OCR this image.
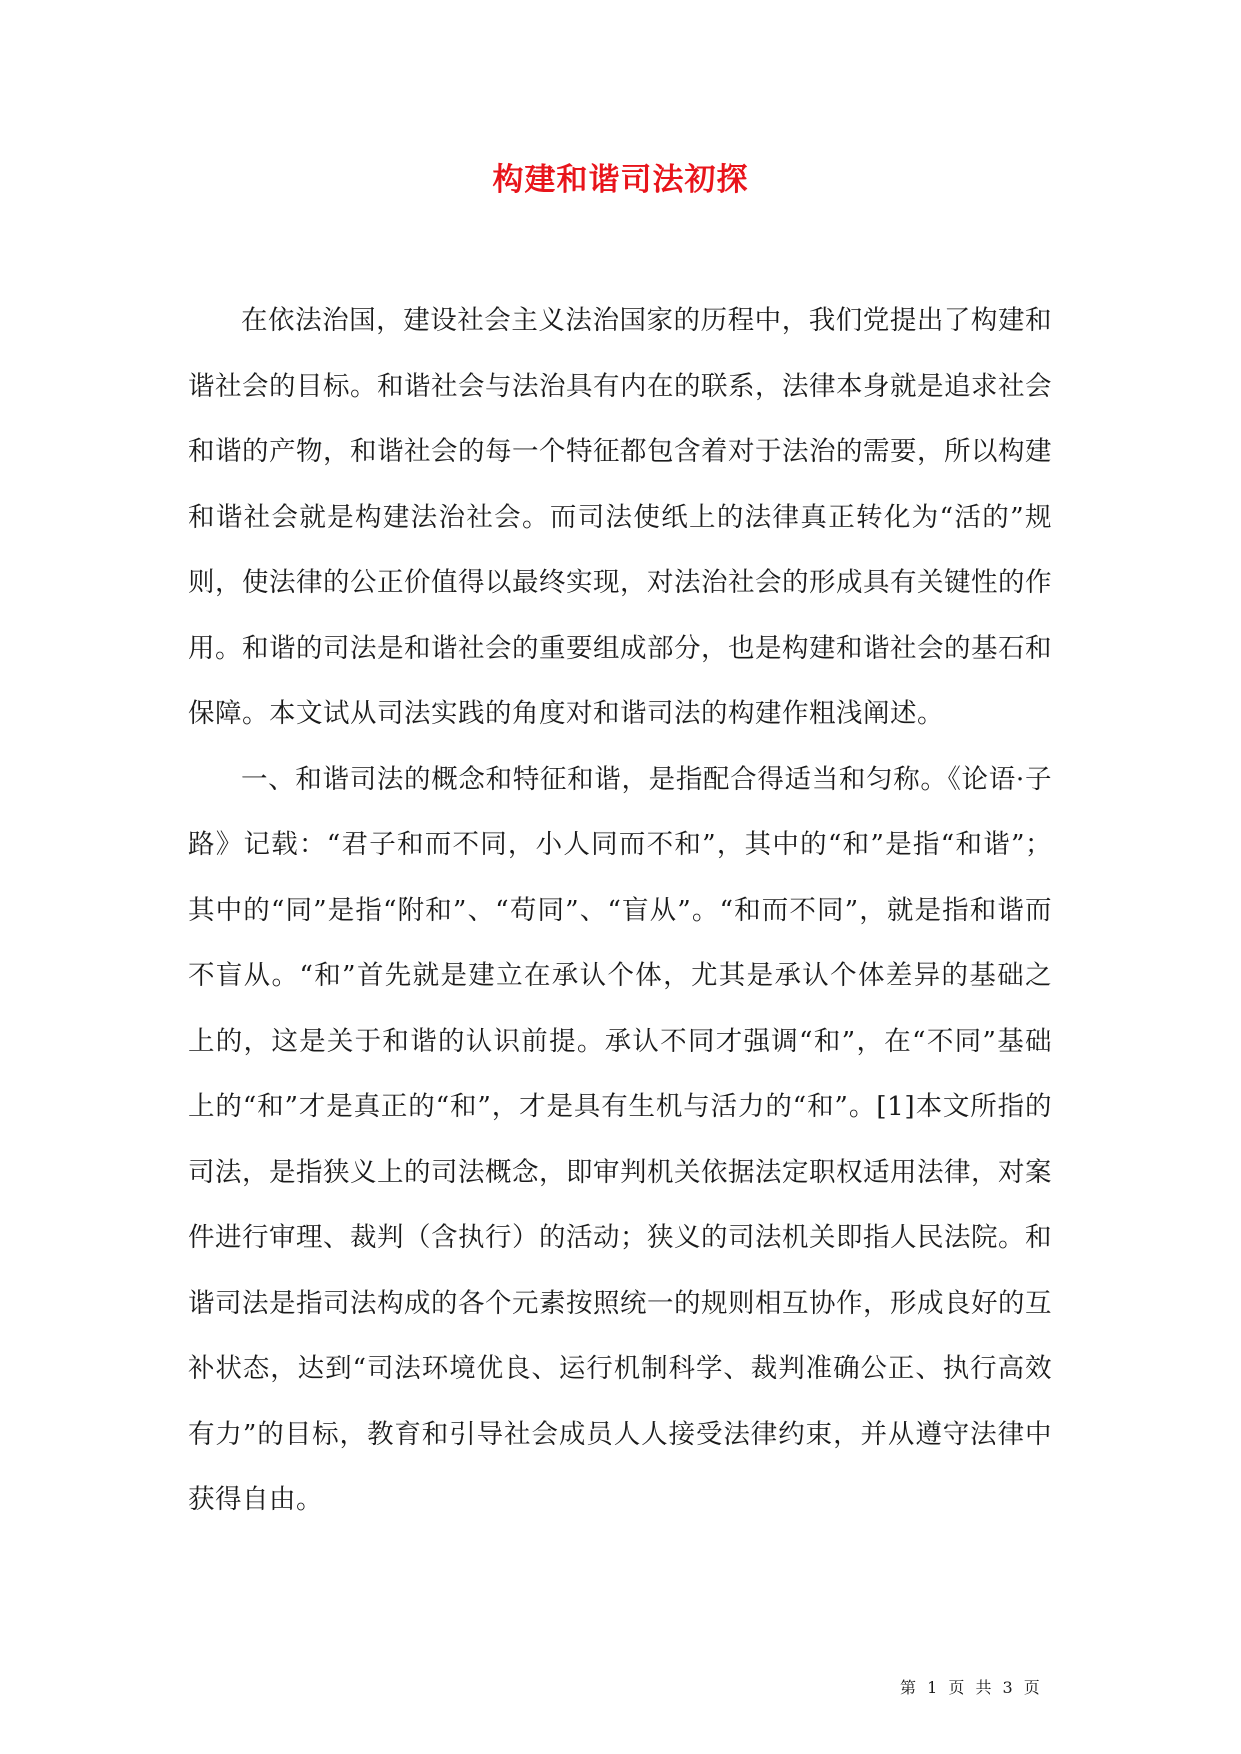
构建和谐司法初探

在依法治国，建设社会主义法治国家的历程中，我们党提出了构建和谐社会的目标。和谐社会与法治具有内在的联系，法律本身就是追求社会和谐的产物，和谐社会的每一个特征都包含着对于法治的需要，所以构建和谐社会就是构建法治社会。而司法使纸上的法律真正转化为“活的”规则，使法律的公正价值得以最终实现，对法治社会的形成具有关键性的作用。和谐的司法是和谐社会的重要组成部分，也是构建和谐社会的基石和保障。本文试从司法实践的角度对和谐司法的构建作粗浅阐述。

一、和谐司法的概念和特征和谐，是指配合得适当和匀称。《论语·子路》记载：“君子和而不同，小人同而不和”，其中的“和”是指“和谐”；其中的“同”是指“附和”、“苟同”、“盲从”。“和而不同”，就是指和谐而不盲从。“和”首先就是建立在承认个体，尤其是承认个体差异的基础之上的，这是关于和谐的认识前提。承认不同才强调“和”，在“不同”基础上的“和”才是真正的“和”，才是具有生机与活力的“和”。[1]本文所指的司法，是指狭义上的司法概念，即审判机关依据法定职权适用法律，对案件进行审理、裁判（含执行）的活动；狭义的司法机关即指人民法院。和谐司法是指司法构成的各个元素按照统一的规则相互协作，形成良好的互补状态，达到“司法环境优良、运行机制科学、裁判准确公正、执行高效有力”的目标，教育和引导社会成员人人接受法律约束，并从遵守法律中获得自由。

第 1 页 共 3 页
